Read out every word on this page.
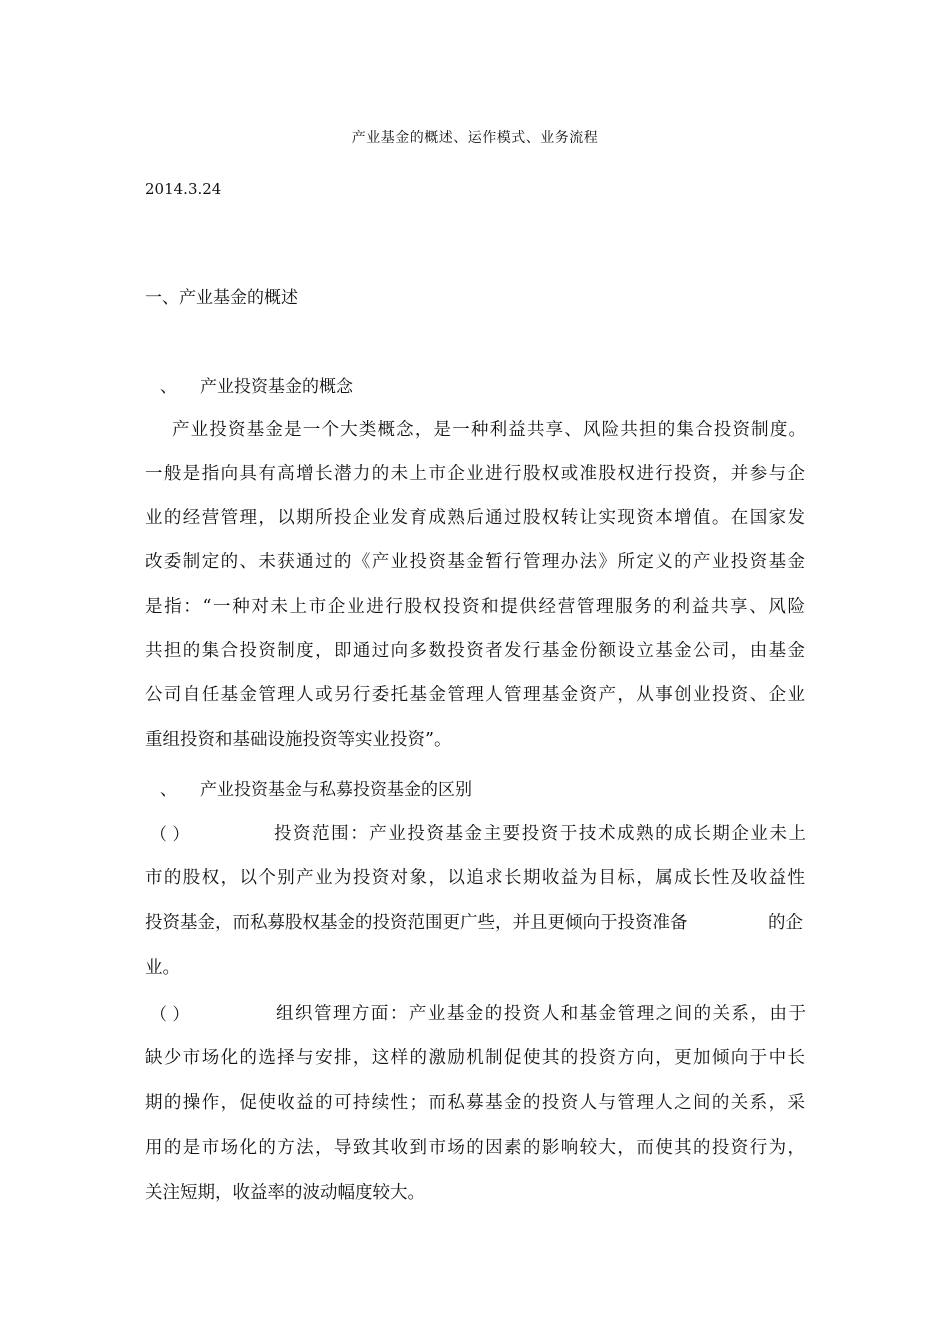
产业基金的概述、运作模式、业务流程
2014.3.24
一、产业基金的概述
、 产业投资基金的概念
产业投资基金是一个大类概念，是一种利益共享、风险共担的集合投资制度。
一般是指向具有高增长潜力的未上市企业进行股权或准股权进行投资，并参与企
业的经营管理，以期所投企业发育成熟后通过股权转让实现资本增值。在国家发
改委制定的、未获通过的《产业投资基金暂行管理办法》所定义的产业投资基金
是指：“一种对未上市企业进行股权投资和提供经营管理服务的利益共享、风险
共担的集合投资制度，即通过向多数投资者发行基金份额设立基金公司，由基金
公司自任基金管理人或另行委托基金管理人管理基金资产，从事创业投资、企业
重组投资和基础设施投资等实业投资”。
、 产业投资基金与私募投资基金的区别
（ ）	投资范围：产业投资基金主要投资于技术成熟的成长期企业未上
市的股权，以个别产业为投资对象，以追求长期收益为目标，属成长性及收益性
投资基金，而私募股权基金的投资范围更广些，并且更倾向于投资准备	的企
业。
（ ）	组织管理方面：产业基金的投资人和基金管理之间的关系，由于
缺少市场化的选择与安排，这样的激励机制促使其的投资方向，更加倾向于中长
期的操作，促使收益的可持续性；而私募基金的投资人与管理人之间的关系，采
用的是市场化的方法，导致其收到市场的因素的影响较大，而使其的投资行为，
关注短期，收益率的波动幅度较大。
